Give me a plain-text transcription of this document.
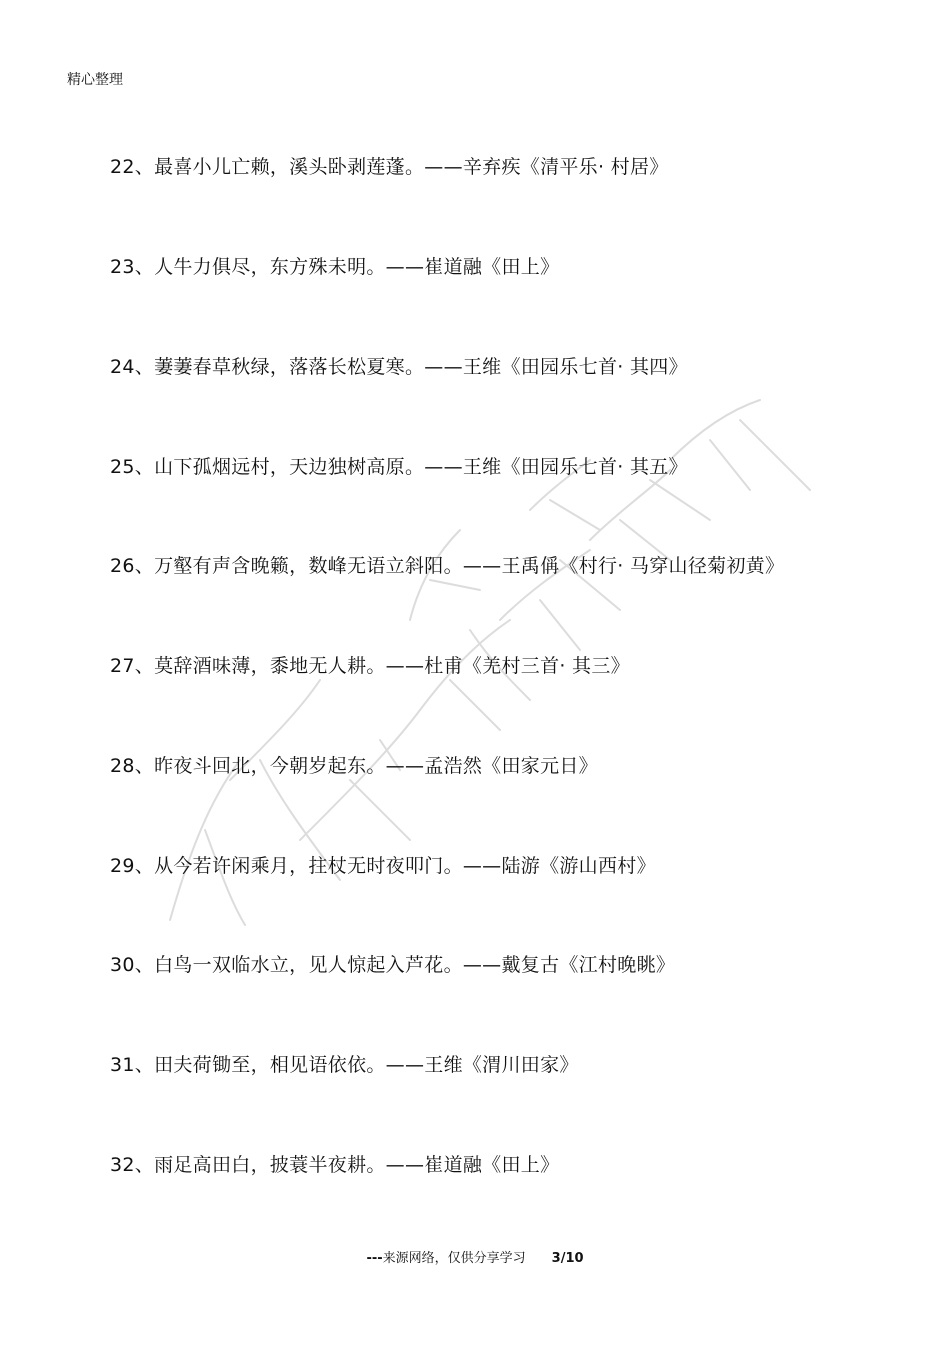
精心整理
22、最喜小儿亡赖，溪头卧剥莲蓬。——辛弃疾《清平乐· 村居》
23、人牛力俱尽，东方殊未明。——崔道融《田上》
24、萋萋春草秋绿，落落长松夏寒。——王维《田园乐七首· 其四》
25、山下孤烟远村，天边独树高原。——王维《田园乐七首· 其五》
26、万壑有声含晚籁，数峰无语立斜阳。——王禹偁《村行· 马穿山径菊初黄》
27、莫辞酒味薄，黍地无人耕。——杜甫《羌村三首· 其三》
28、昨夜斗回北，今朝岁起东。——孟浩然《田家元日》
29、从今若许闲乘月，拄杖无时夜叩门。——陆游《游山西村》
30、白鸟一双临水立，见人惊起入芦花。——戴复古《江村晚眺》
31、田夫荷锄至，相见语依依。——王维《渭川田家》
32、雨足高田白，披蓑半夜耕。——崔道融《田上》
---来源网络，仅供分享学习 3/10
